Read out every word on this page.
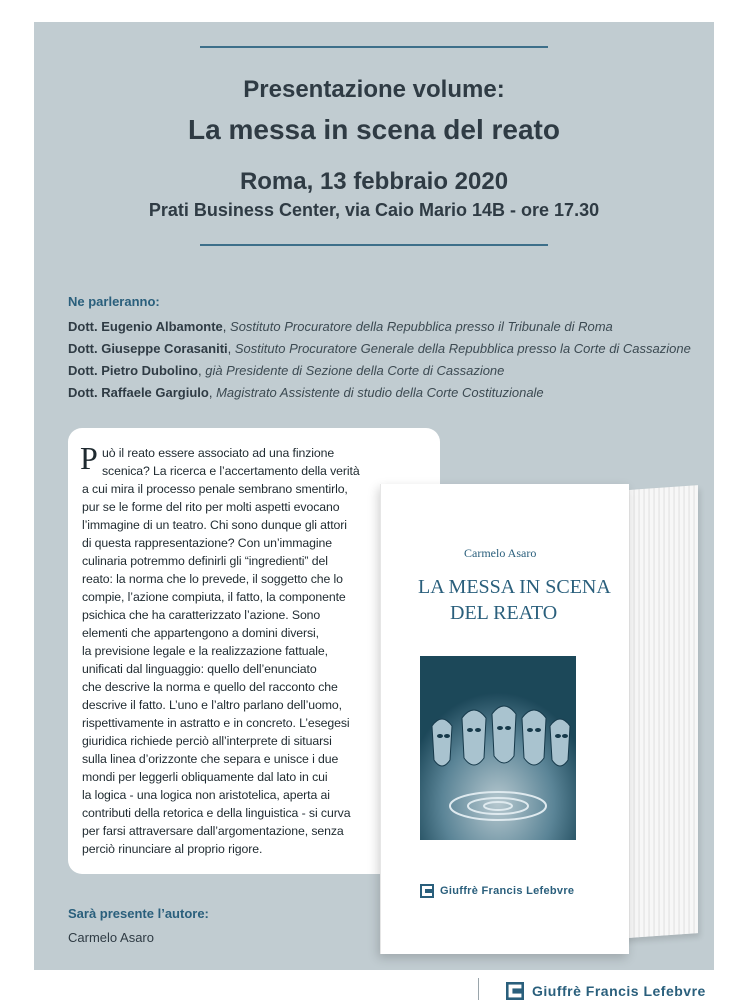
Presentazione volume:
La messa in scena del reato
Roma, 13 febbraio 2020
Prati Business Center, via Caio Mario 14B - ore 17.30
Ne parleranno:
Dott. Eugenio Albamonte, Sostituto Procuratore della Repubblica presso il Tribunale di Roma
Dott. Giuseppe Corasaniti, Sostituto Procuratore Generale della Repubblica presso la Corte di Cassazione
Dott. Pietro Dubolino, già Presidente di Sezione della Corte di Cassazione
Dott. Raffaele Gargiulo, Magistrato Assistente di studio della Corte Costituzionale
P uò il reato essere associato ad una finzione
scenica? La ricerca e l’accertamento della verità
a cui mira il processo penale sembrano smentirlo,
pur se le forme del rito per molti aspetti evocano
l’immagine di un teatro. Chi sono dunque gli attori
di questa rappresentazione? Con un’immagine
culinaria potremmo definirli gli “ingredienti” del
reato: la norma che lo prevede, il soggetto che lo
compie, l’azione compiuta, il fatto, la componente
psichica che ha caratterizzato l’azione. Sono
elementi che appartengono a domini diversi,
la previsione legale e la realizzazione fattuale,
unificati dal linguaggio: quello dell’enunciato
che descrive la norma e quello del racconto che
descrive il fatto. L’uno e l’altro parlano dell’uomo,
rispettivamente in astratto e in concreto. L’esegesi
giuridica richiede perciò all’interprete di situarsi
sulla linea d’orizzonte che separa e unisce i due
mondi per leggerli obliquamente dal lato in cui
la logica - una logica non aristotelica, aperta ai
contributi della retorica e della linguistica - si curva
per farsi attraversare dall’argomentazione, senza
perciò rinunciare al proprio rigore.
Sarà presente l’autore:
Carmelo Asaro
Carmelo Asaro
LA MESSA IN SCENA
DEL REATO
Giuffrè Francis Lefebvre
Giuffrè Francis Lefebvre
